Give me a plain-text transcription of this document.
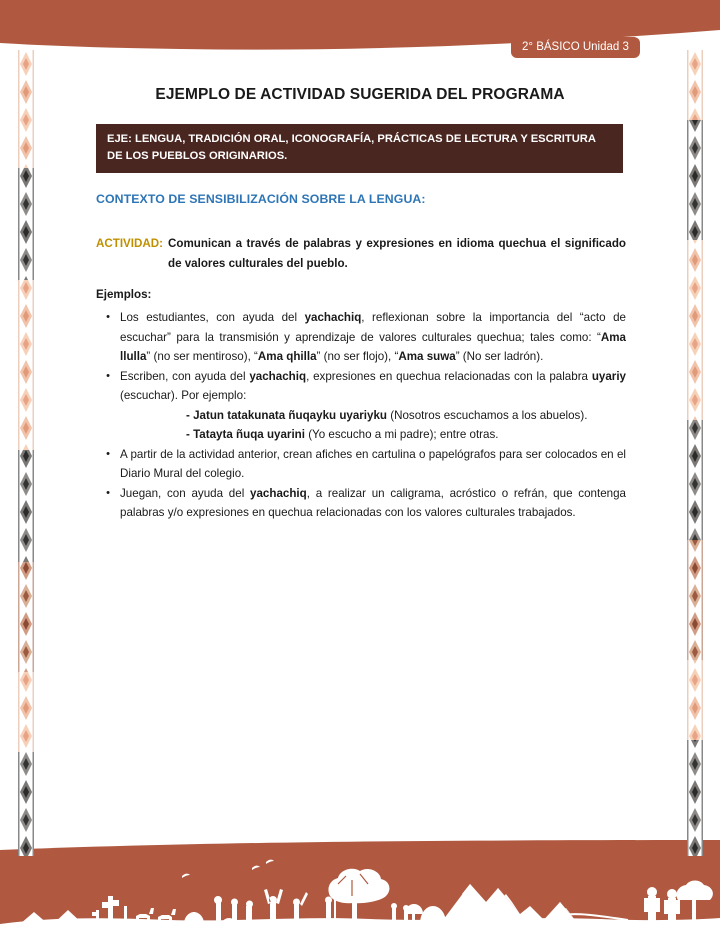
2° BÁSICO Unidad 3
EJEMPLO DE ACTIVIDAD SUGERIDA DEL PROGRAMA
EJE: LENGUA, TRADICIÓN ORAL, ICONOGRAFÍA, PRÁCTICAS DE LECTURA Y ESCRITURA DE LOS PUEBLOS ORIGINARIOS.
CONTEXTO DE SENSIBILIZACIÓN SOBRE LA LENGUA:
ACTIVIDAD: Comunican a través de palabras y expresiones en idioma quechua el significado de valores culturales del pueblo.
Ejemplos:
• Los estudiantes, con ayuda del yachachiq, reflexionan sobre la importancia del “acto de escuchar” para la transmisión y aprendizaje de valores culturales quechua; tales como: “Ama llulla” (no ser mentiroso), “Ama qhilla” (no ser flojo), “Ama suwa” (No ser ladrón).
• Escriben, con ayuda del yachachiq, expresiones en quechua relacionadas con la palabra uyariy (escuchar). Por ejemplo:
- Jatun tatakunata ñuqayku uyariyku (Nosotros escuchamos a los abuelos).
- Tatayta ñuqa uyarini (Yo escucho a mi padre); entre otras.
• A partir de la actividad anterior, crean afiches en cartulina o papelógrafos para ser colocados en el Diario Mural del colegio.
• Juegan, con ayuda del yachachiq, a realizar un caligrama, acróstico o refrán, que contenga palabras y/o expresiones en quechua relacionadas con los valores culturales trabajados.
